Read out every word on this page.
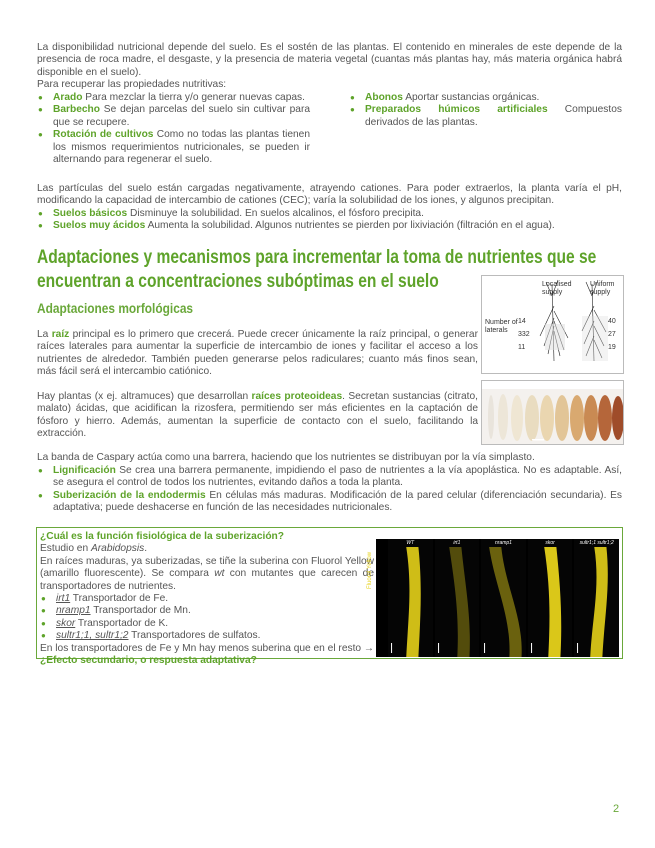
La disponibilidad nutricional depende del suelo. Es el sostén de las plantas. El contenido en minerales de este depende de la presencia de roca madre, el desgaste, y la presencia de materia vegetal (cuantas más plantas hay, más materia orgánica habrá disponible en el suelo).

Para recuperar las propiedades nutritivas:

● Arado Para mezclar la tierra y/o generar nuevas capas.
● Barbecho Se dejan parcelas del suelo sin cultivar para que se recupere.
● Rotación de cultivos Como no todas las plantas tienen los mismos requerimientos nutricionales, se pueden ir alternando para regenerar el suelo.
● Abonos Aportar sustancias orgánicas.
● Preparados húmicos artificiales Compuestos derivados de las plantas.

Las partículas del suelo están cargadas negativamente, atrayendo cationes. Para poder extraerlos, la planta varía el pH, modificando la capacidad de intercambio de cationes (CEC); varía la solubilidad de los iones, y algunos precipitan.

● Suelos básicos Disminuye la solubilidad. En suelos alcalinos, el fósforo precipita.
● Suelos muy ácidos Aumenta la solubilidad. Algunos nutrientes se pierden por lixiviación (filtración en el agua).
Adaptaciones y mecanismos para incrementar la toma de nutrientes que se encuentran a concentraciones subóptimas en el suelo
Adaptaciones morfológicas
La raíz principal es lo primero que crecerá. Puede crecer únicamente la raíz principal, o generar raíces laterales para aumentar la superficie de intercambio de iones y facilitar el acceso a los nutrientes de alrededor. También pueden generarse pelos radiculares; cuanto más finos sean, más fácil será el intercambio catiónico.
Localised
supply
Uniform
supply
Number of
laterals
14
332
11
40
27
19
Hay plantas (x ej. altramuces) que desarrollan raíces proteoideas. Secretan sustancias (citrato, malato) ácidas, que acidifican la rizosfera, permitiendo ser más eficientes en la captación de fósforo y hierro. Además, aumentan la superficie de contacto con el suelo, facilitando la extracción.

La banda de Caspary actúa como una barrera, haciendo que los nutrientes se distribuyan por la vía simplasto.

● Lignificación Se crea una barrera permanente, impidiendo el paso de nutrientes a la vía apoplástica. No es adaptable. Así, se asegura el control de todos los nutrientes, evitando daños a toda la planta.
● Suberización de la endodermis En células más maduras. Modificación de la pared celular (diferenciación secundaria). Es adaptativa; puede deshacerse en función de las necesidades nutricionales.

¿Cuál es la función fisiológica de la suberización?

Estudio en Arabidopsis.

En raíces maduras, ya suberizadas, se tiñe la suberina con Fluorol Yellow (amarillo fluorescente). Se compara wt con mutantes que carecen de transportadores de nutrientes.

● irt1 Transportador de Fe.
● nramp1 Transportador de Mn.
● skor Transportador de K.
● sultr1;1, sultr1;2 Transportadores de sulfatos.

En los transportadores de Fe y Mn hay menos suberina que en el resto →

¿Efecto secundario, o respuesta adaptativa?

Fluorol Yellow
WT	irt1	nramp1	skor	sultr1;1 sultr1;2
2
